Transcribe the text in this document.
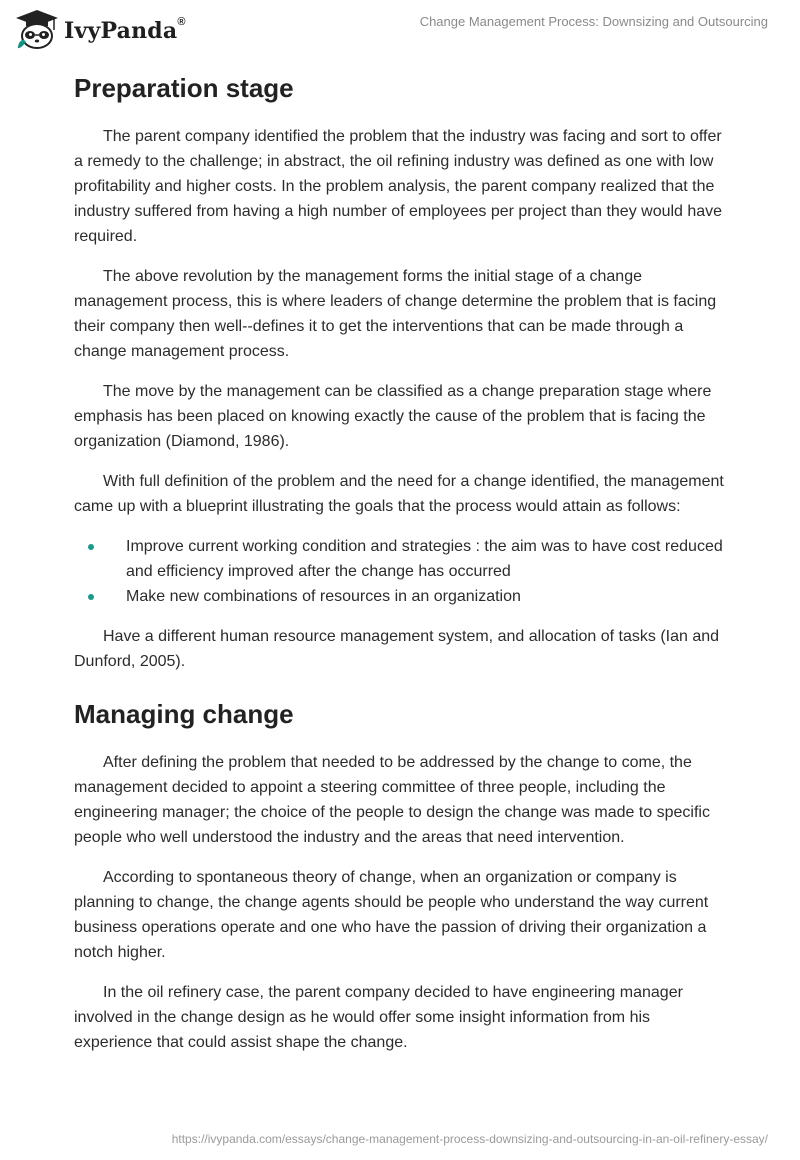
IvyPanda®	Change Management Process: Downsizing and Outsourcing
Preparation stage

The parent company identified the problem that the industry was facing and sort to offer a remedy to the challenge; in abstract, the oil refining industry was defined as one with low profitability and higher costs. In the problem analysis, the parent company realized that the industry suffered from having a high number of employees per project than they would have required.

The above revolution by the management forms the initial stage of a change management process, this is where leaders of change determine the problem that is facing their company then well--defines it to get the interventions that can be made through a change management process.

The move by the management can be classified as a change preparation stage where emphasis has been placed on knowing exactly the cause of the problem that is facing the organization (Diamond, 1986).

With full definition of the problem and the need for a change identified, the management came up with a blueprint illustrating the goals that the process would attain as follows:

Improve current working condition and strategies : the aim was to have cost reduced and efficiency improved after the change has occurred
Make new combinations of resources in an organization

Have a different human resource management system, and allocation of tasks (Ian and Dunford, 2005).

Managing change

After defining the problem that needed to be addressed by the change to come, the management decided to appoint a steering committee of three people, including the engineering manager; the choice of the people to design the change was made to specific people who well understood the industry and the areas that need intervention.

According to spontaneous theory of change, when an organization or company is planning to change, the change agents should be people who understand the way current business operations operate and one who have the passion of driving their organization a notch higher.

In the oil refinery case, the parent company decided to have engineering manager involved in the change design as he would offer some insight information from his experience that could assist shape the change.

https://ivypanda.com/essays/change-management-process-downsizing-and-outsourcing-in-an-oil-refinery-essay/
